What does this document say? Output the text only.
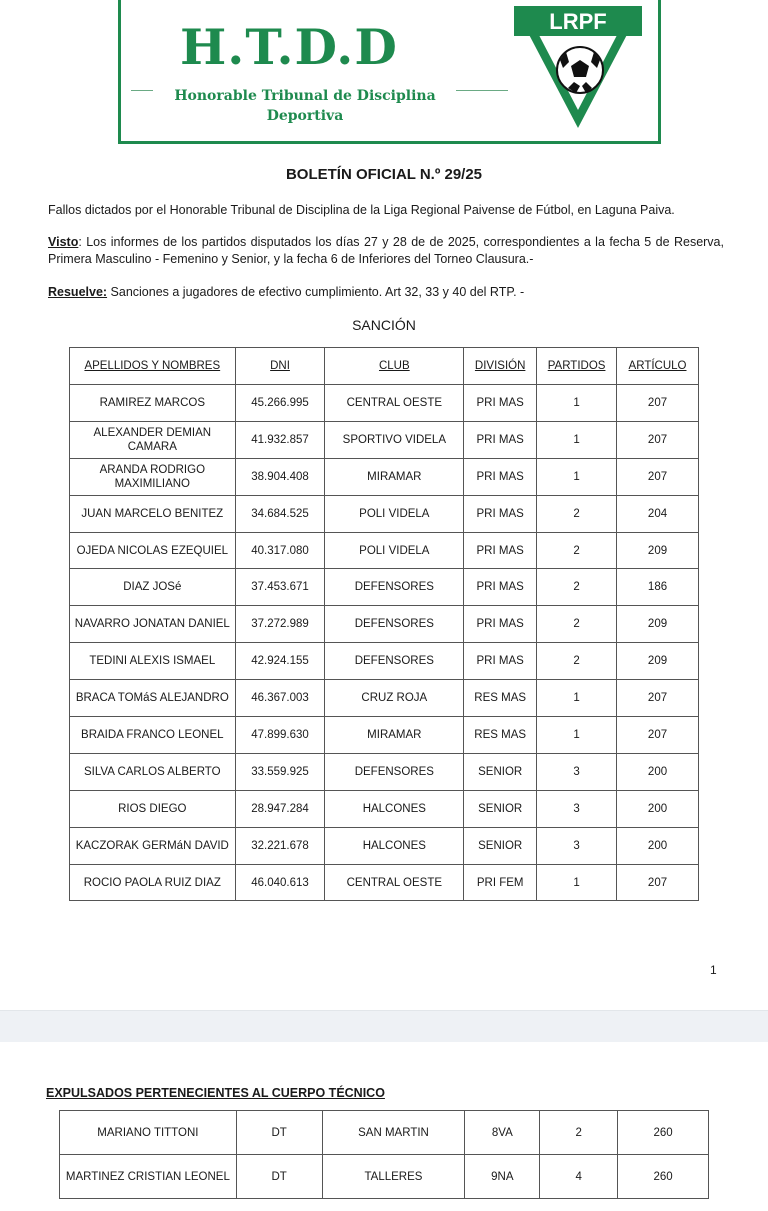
H.T.D.D
Honorable Tribunal de Disciplina Deportiva
LRPF
BOLETÍN OFICIAL N.º 29/25

Fallos dictados por el Honorable Tribunal de Disciplina de la Liga Regional Paivense de Fútbol, en Laguna Paiva.

Visto: Los informes de los partidos disputados los días 27 y 28 de de 2025, correspondientes a la fecha 5 de Reserva, Primera Masculino - Femenino y Senior, y la fecha 6 de Inferiores del Torneo Clausura.-

Resuelve: Sanciones a jugadores de efectivo cumplimiento. Art 32, 33 y 40 del RTP. -

SANCIÓN
APELLIDOS Y NOMBRES	DNI	CLUB	DIVISIÓN	PARTIDOS	ARTÍCULO
RAMIREZ MARCOS	45.266.995	CENTRAL OESTE	PRI MAS	1	207
ALEXANDER DEMIAN CAMARA	41.932.857	SPORTIVO VIDELA	PRI MAS	1	207
ARANDA RODRIGO MAXIMILIANO	38.904.408	MIRAMAR	PRI MAS	1	207
JUAN MARCELO BENITEZ	34.684.525	POLI VIDELA	PRI MAS	2	204
OJEDA NICOLAS EZEQUIEL	40.317.080	POLI VIDELA	PRI MAS	2	209
DIAZ JOSé	37.453.671	DEFENSORES	PRI MAS	2	186
NAVARRO JONATAN DANIEL	37.272.989	DEFENSORES	PRI MAS	2	209
TEDINI ALEXIS ISMAEL	42.924.155	DEFENSORES	PRI MAS	2	209
BRACA TOMáS ALEJANDRO	46.367.003	CRUZ ROJA	RES MAS	1	207
BRAIDA FRANCO LEONEL	47.899.630	MIRAMAR	RES MAS	1	207
SILVA CARLOS ALBERTO	33.559.925	DEFENSORES	SENIOR	3	200
RIOS DIEGO	28.947.284	HALCONES	SENIOR	3	200
KACZORAK GERMáN DAVID	32.221.678	HALCONES	SENIOR	3	200
ROCIO PAOLA RUIZ DIAZ	46.040.613	CENTRAL OESTE	PRI FEM	1	207
1
EXPULSADOS PERTENECIENTES AL CUERPO TÉCNICO
MARIANO TITTONI	DT	SAN MARTIN	8VA	2	260
MARTINEZ CRISTIAN LEONEL	DT	TALLERES	9NA	4	260
